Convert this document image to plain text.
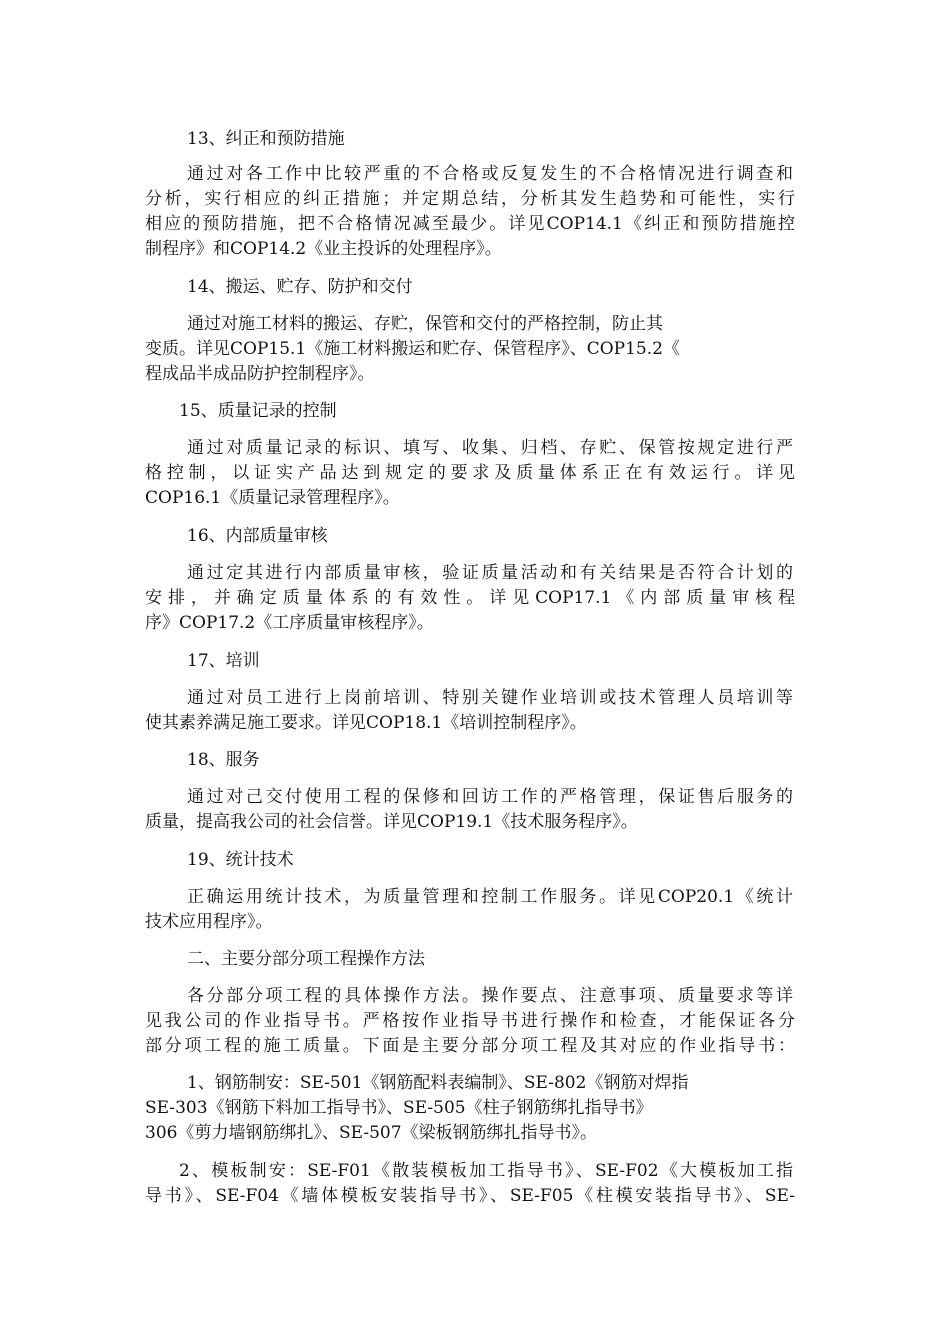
13、纠正和预防措施
通过对各工作中比较严重的不合格或反复发生的不合格情况进行调查和
分析，实行相应的纠正措施；并定期总结，分析其发生趋势和可能性，实行
相应的预防措施，把不合格情况减至最少。详见COP14.1《纠正和预防措施控
制程序》和COP14.2《业主投诉的处理程序》。
14、搬运、贮存、防护和交付
通过对施工材料的搬运、存贮，保管和交付的严格控制，防止其
变质。详见COP15.1《施工材料搬运和贮存、保管程序》、COP15.2《
程成品半成品防护控制程序》。
15、质量记录的控制
通过对质量记录的标识、填写、收集、归档、存贮、保管按规定进行严
格控制，以证实产品达到规定的要求及质量体系正在有效运行。详见
COP16.1《质量记录管理程序》。
16、内部质量审核
通过定其进行内部质量审核，验证质量活动和有关结果是否符合计划的
安排，并确定质量体系的有效性。详见COP17.1《内部质量审核程
序》COP17.2《工序质量审核程序》。
17、培训
通过对员工进行上岗前培训、特别关键作业培训或技术管理人员培训等
使其素养满足施工要求。详见COP18.1《培训控制程序》。
18、服务
通过对己交付使用工程的保修和回访工作的严格管理，保证售后服务的
质量，提高我公司的社会信誉。详见COP19.1《技术服务程序》。
19、统计技术
正确运用统计技术，为质量管理和控制工作服务。详见COP20.1《统计
技术应用程序》。
二、主要分部分项工程操作方法
各分部分项工程的具体操作方法。操作要点、注意事项、质量要求等详
见我公司的作业指导书。严格按作业指导书进行操作和检查，才能保证各分
部分项工程的施工质量。下面是主要分部分项工程及其对应的作业指导书：
1、钢筋制安：SE-501《钢筋配料表编制》、SE-802《钢筋对焊指
SE-303《钢筋下料加工指导书》、SE-505《柱子钢筋绑扎指导书》
306《剪力墙钢筋绑扎》、SE-507《梁板钢筋绑扎指导书》。
2、模板制安：SE-F01《散装模板加工指导书》、SE-F02《大模板加工指
导书》、SE-F04《墙体模板安装指导书》、SE-F05《柱模安装指导书》、SE-
